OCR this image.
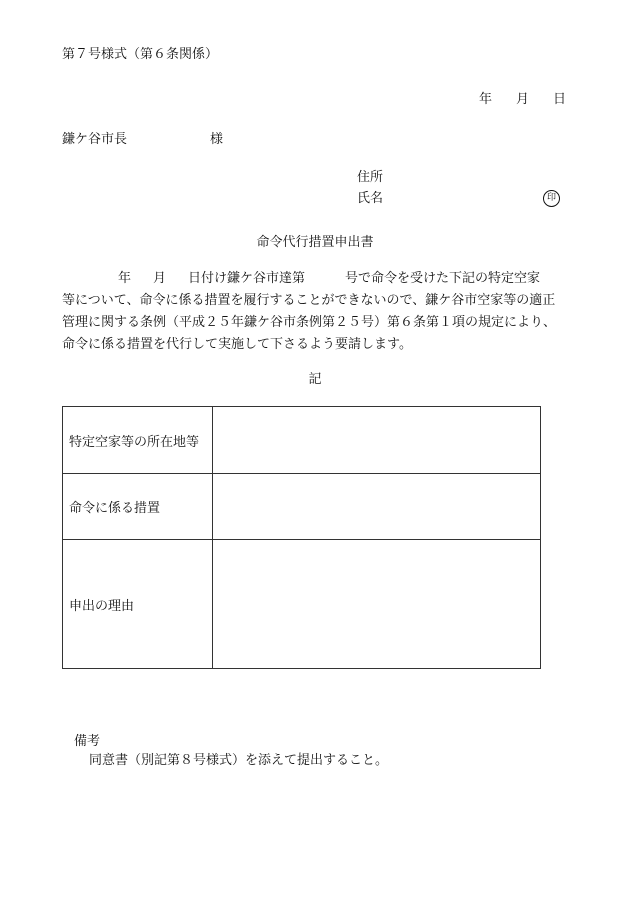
第７号様式（第６条関係）
年 月 日
鎌ケ谷市長	様
住所
氏名	印
命令代行措置申出書
年 月 日付け鎌ケ谷市達第	号で命令を受けた下記の特定空家
等について、命令に係る措置を履行することができないので、鎌ケ谷市空家等の適正
管理に関する条例（平成２５年鎌ケ谷市条例第２５号）第６条第１項の規定により、
命令に係る措置を代行して実施して下さるよう要請します。
記
特定空家等の所在地等	
命令に係る措置	
申出の理由	
備考
同意書（別記第８号様式）を添えて提出すること。
